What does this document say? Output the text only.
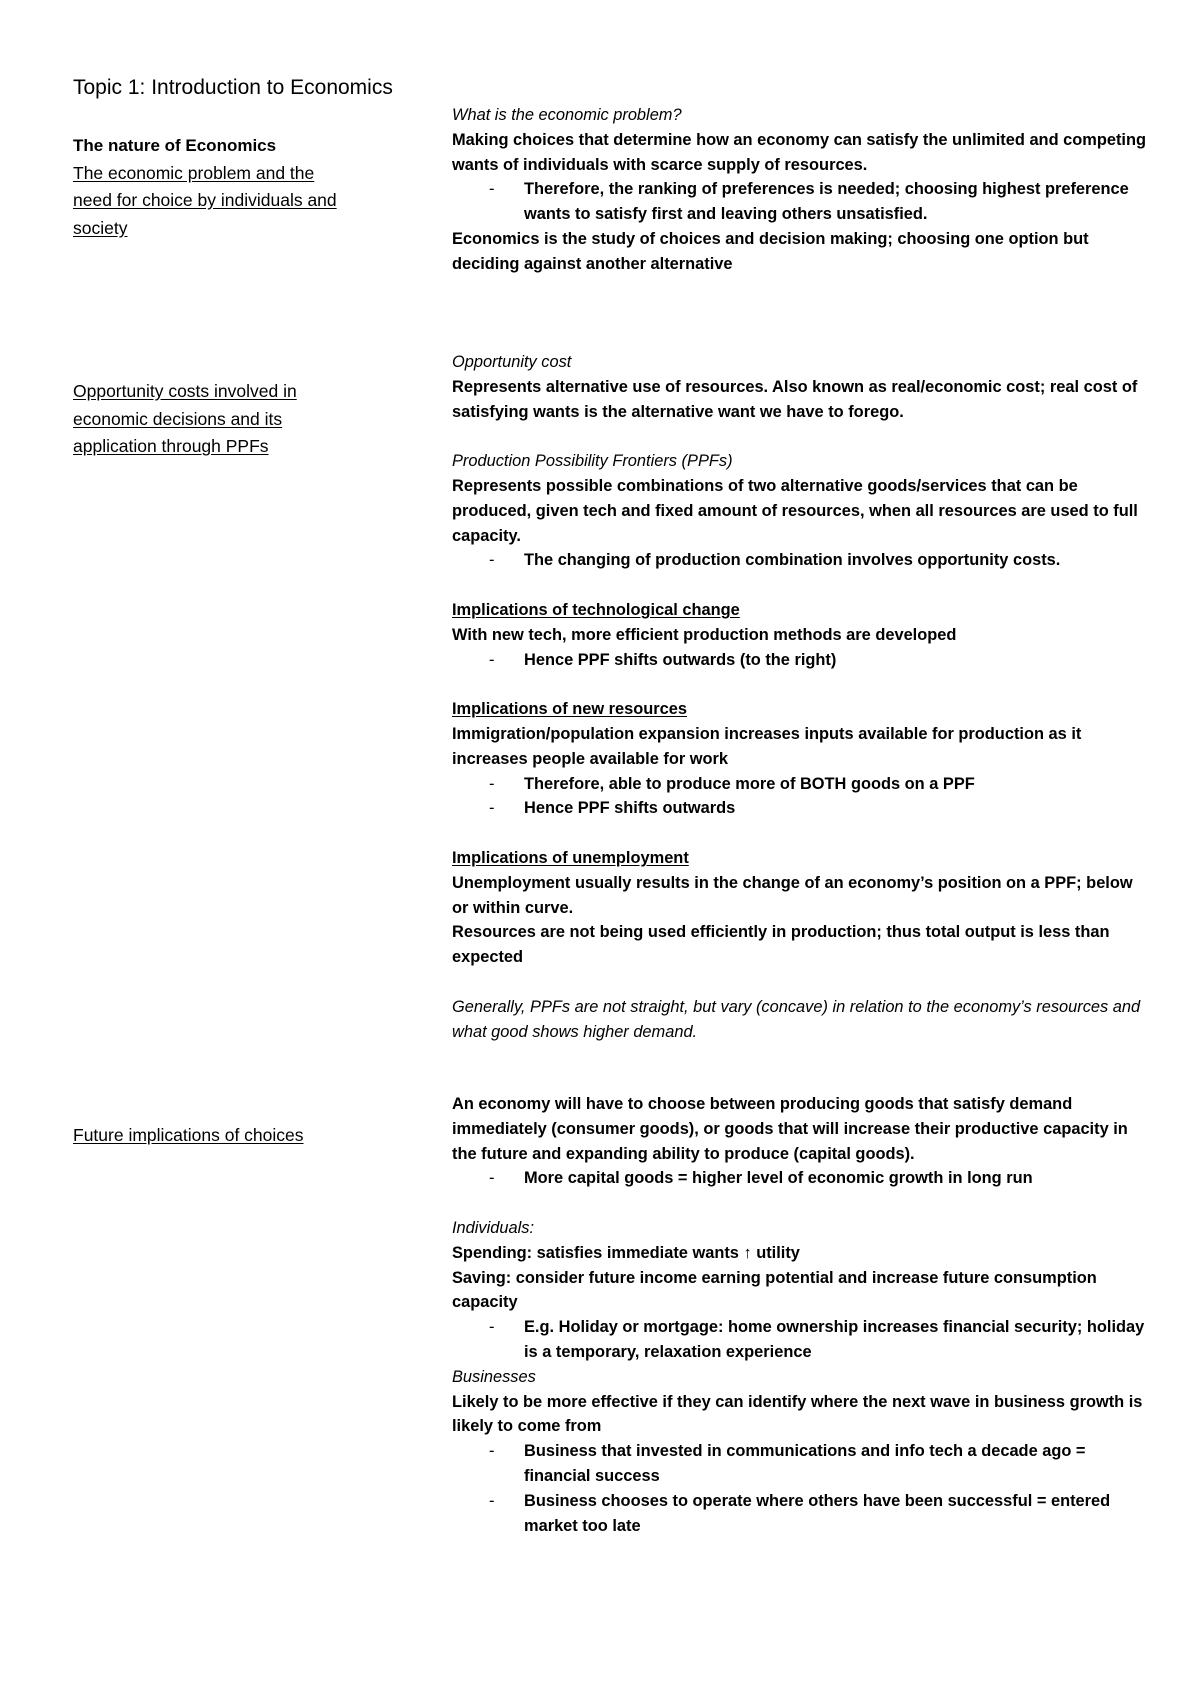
Topic 1: Introduction to Economics
The nature of Economics
The economic problem and the need for choice by individuals and society
Opportunity costs involved in economic decisions and its application through PPFs
Future implications of choices
What is the economic problem?
Making choices that determine how an economy can satisfy the unlimited and competing wants of individuals with scarce supply of resources.
-	Therefore, the ranking of preferences is needed; choosing highest preference wants to satisfy first and leaving others unsatisfied.
Economics is the study of choices and decision making; choosing one option but deciding against another alternative
Opportunity cost
Represents alternative use of resources. Also known as real/economic cost; real cost of satisfying wants is the alternative want we have to forego.
Production Possibility Frontiers (PPFs)
Represents possible combinations of two alternative goods/services that can be produced, given tech and fixed amount of resources, when all resources are used to full capacity.
-	The changing of production combination involves opportunity costs.
Implications of technological change
With new tech, more efficient production methods are developed
-	Hence PPF shifts outwards (to the right)
Implications of new resources
Immigration/population expansion increases inputs available for production as it increases people available for work
-	Therefore, able to produce more of BOTH goods on a PPF
-	Hence PPF shifts outwards
Implications of unemployment
Unemployment usually results in the change of an economy’s position on a PPF; below or within curve.
Resources are not being used efficiently in production; thus total output is less than expected
Generally, PPFs are not straight, but vary (concave) in relation to the economy’s resources and what good shows higher demand.
An economy will have to choose between producing goods that satisfy demand immediately (consumer goods), or goods that will increase their productive capacity in the future and expanding ability to produce (capital goods).
-	More capital goods = higher level of economic growth in long run
Individuals:
Spending: satisfies immediate wants ↑ utility
Saving: consider future income earning potential and increase future consumption capacity
-	E.g. Holiday or mortgage: home ownership increases financial security; holiday is a temporary, relaxation experience
Businesses
Likely to be more effective if they can identify where the next wave in business growth is likely to come from
-	Business that invested in communications and info tech a decade ago = financial success
-	Business chooses to operate where others have been successful = entered market too late
